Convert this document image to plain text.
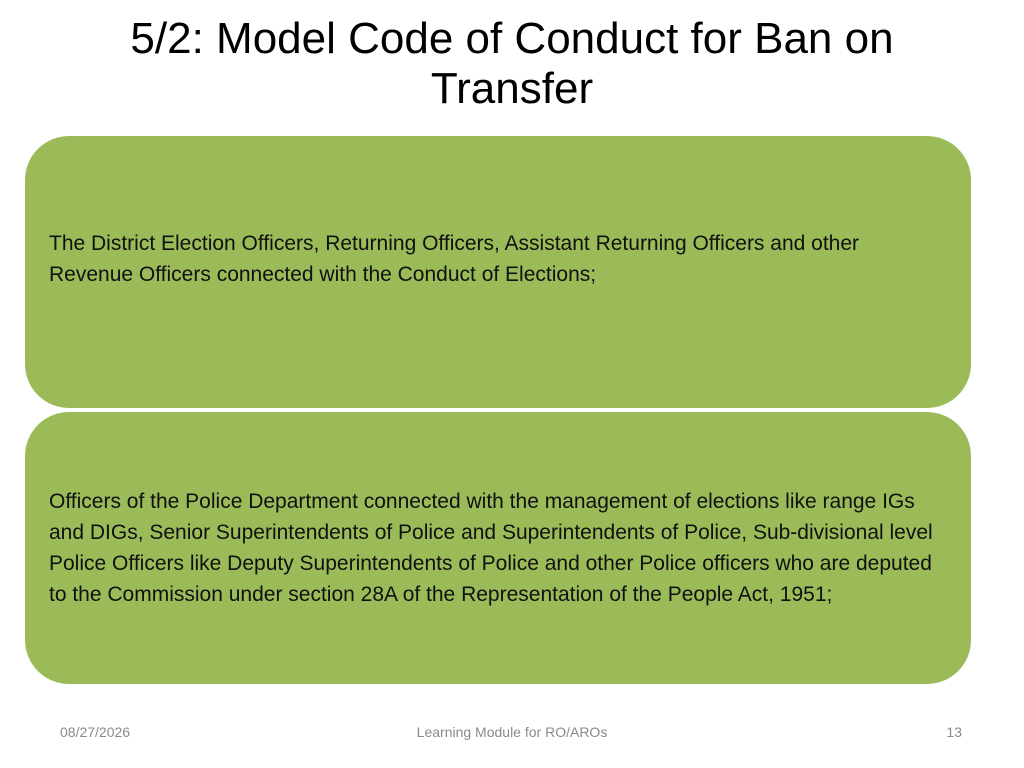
5/2: Model Code of Conduct for Ban on
Transfer

The District Election Officers, Returning Officers, Assistant Returning Officers and other Revenue Officers connected with the Conduct of Elections;

Officers of the Police Department connected with the management of elections like range IGs and DIGs, Senior Superintendents of Police and Superintendents of Police, Sub-divisional level Police Officers like Deputy Superintendents of Police and other Police officers who are deputed to the Commission under section 28A of the Representation of the People Act, 1951;

08/27/2026	Learning Module for RO/AROs	13
